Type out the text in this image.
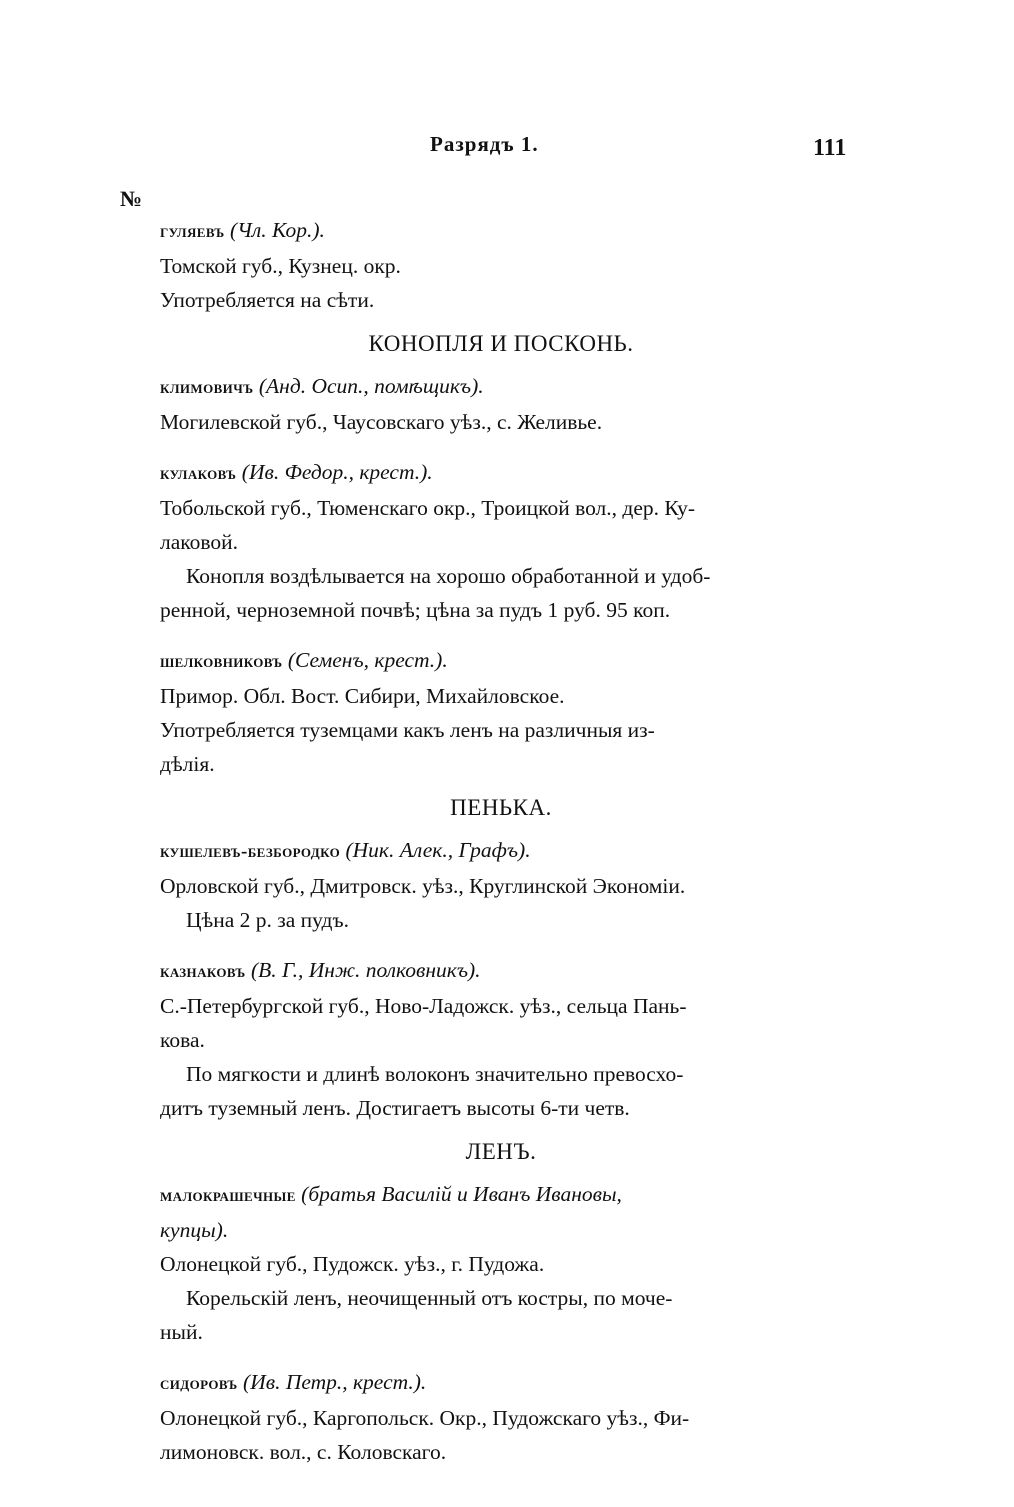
Разрядъ 1.	111
№
гуляевъ (Чл. Кор.).
Томской губ., Кузнец. окр.
Употребляется на сѣти.
КОНОПЛЯ И ПОСКОНЬ.
климовичъ (Анд. Осип., помѣщикъ).
Могилевской губ., Чаусовскаго уѣз., с. Желивье.
кулаковъ (Ив. Федор., крест.).
Тобольской губ., Тюменскаго окр., Троицкой вол., дер. Ку-
лаковой.
Конопля воздѣлывается на хорошо обработанной и удоб-
ренной, черноземной почвѣ; цѣна за пудъ 1 руб. 95 коп.
шелковниковъ (Семенъ, крест.).
Примор. Обл. Вост. Сибири, Михайловское.
Употребляется туземцами какъ ленъ на различныя из-
дѣлія.
ПЕНЬКА.
кушелевъ-безбородко (Ник. Алек., Графъ).
Орловской губ., Дмитровск. уѣз., Круглинской Экономіи.
Цѣна 2 р. за пудъ.
казнаковъ (В. Г., Инж. полковникъ).
С.-Петербургской губ., Ново-Ладожск. уѣз., сельца Пань-
кова.
По мягкости и длинѣ волоконъ значительно превосхо-
дитъ туземный ленъ. Достигаетъ высоты 6-ти четв.
ЛЕНЪ.
малокрашечные (братья Василій и Иванъ Ивановы,
купцы).
Олонецкой губ., Пудожск. уѣз., г. Пудожа.
Корельскій ленъ, неочищенный отъ костры, по моче-
ный.
сидоровъ (Ив. Петр., крест.).
Олонецкой губ., Каргопольск. Окр., Пудожскаго уѣз., Фи-
лимоновск. вол., с. Коловскаго.
